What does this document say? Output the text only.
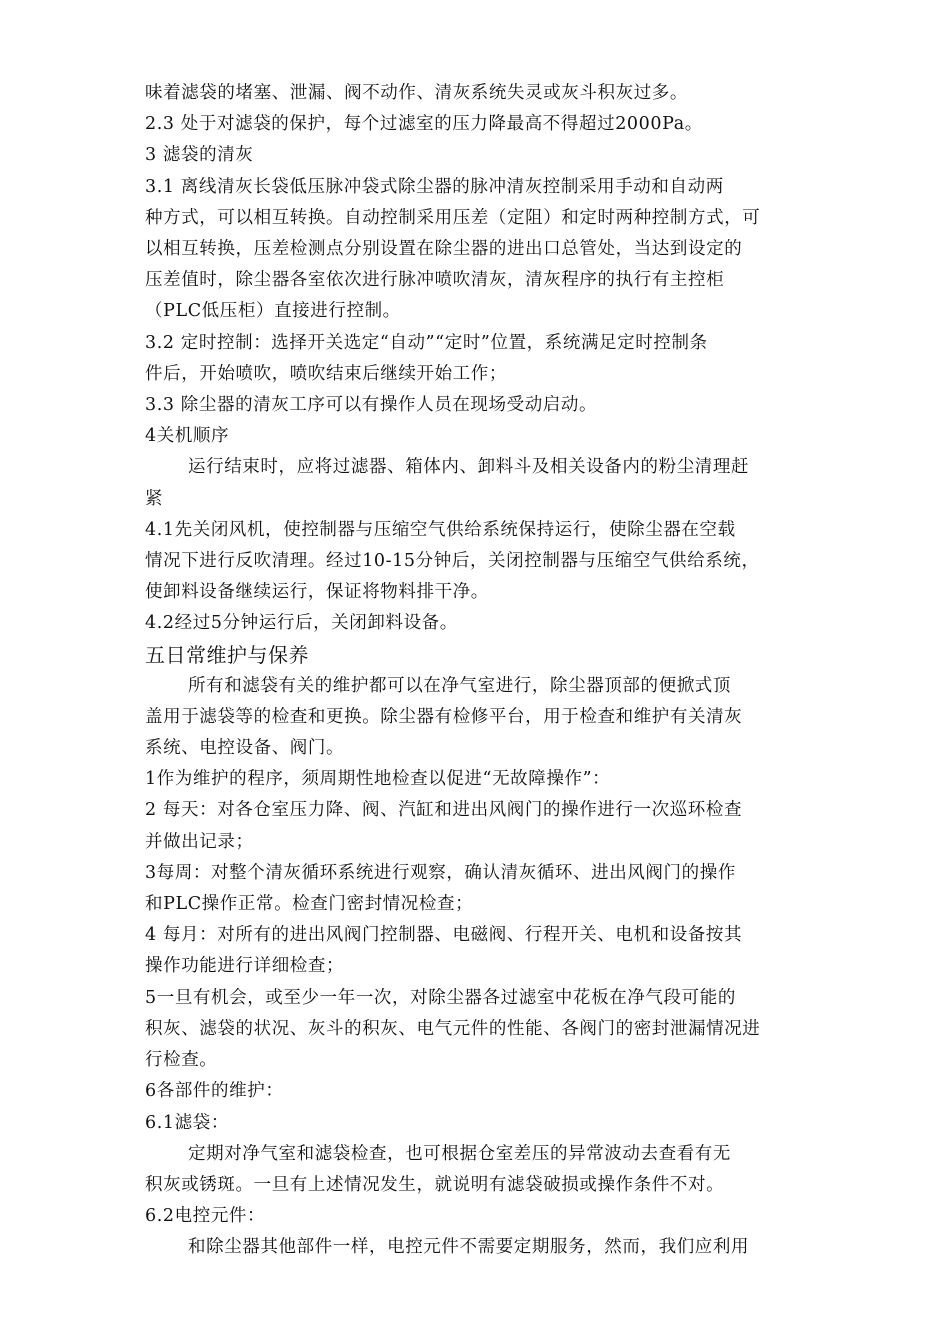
味着滤袋的堵塞、泄漏、阀不动作、清灰系统失灵或灰斗积灰过多。
2.3 处于对滤袋的保护，每个过滤室的压力降最高不得超过2000Pa。
3 滤袋的清灰
3.1 离线清灰长袋低压脉冲袋式除尘器的脉冲清灰控制采用手动和自动两
种方式，可以相互转换。自动控制采用压差（定阻）和定时两种控制方式，可
以相互转换，压差检测点分别设置在除尘器的进出口总管处，当达到设定的
压差值时，除尘器各室依次进行脉冲喷吹清灰，清灰程序的执行有主控柜
（PLC低压柜）直接进行控制。
3.2 定时控制：选择开关选定“自动”“定时”位置，系统满足定时控制条
件后，开始喷吹，喷吹结束后继续开始工作；
3.3 除尘器的清灰工序可以有操作人员在现场受动启动。
4关机顺序
运行结束时，应将过滤器、箱体内、卸料斗及相关设备内的粉尘清理赶
紧
4.1先关闭风机，使控制器与压缩空气供给系统保持运行，使除尘器在空载
情况下进行反吹清理。经过10-15分钟后，关闭控制器与压缩空气供给系统，
使卸料设备继续运行，保证将物料排干净。
4.2经过5分钟运行后，关闭卸料设备。
五日常维护与保养
所有和滤袋有关的维护都可以在净气室进行，除尘器顶部的便掀式顶
盖用于滤袋等的检查和更换。除尘器有检修平台，用于检查和维护有关清灰
系统、电控设备、阀门。
1作为维护的程序，须周期性地检查以促进“无故障操作”：
2 每天：对各仓室压力降、阀、汽缸和进出风阀门的操作进行一次巡环检查
并做出记录；
3每周：对整个清灰循环系统进行观察，确认清灰循环、进出风阀门的操作
和PLC操作正常。检查门密封情况检查；
4 每月：对所有的进出风阀门控制器、电磁阀、行程开关、电机和设备按其
操作功能进行详细检查；
5一旦有机会，或至少一年一次，对除尘器各过滤室中花板在净气段可能的
积灰、滤袋的状况、灰斗的积灰、电气元件的性能、各阀门的密封泄漏情况进
行检查。
6各部件的维护：
6.1滤袋：
定期对净气室和滤袋检查，也可根据仓室差压的异常波动去查看有无
积灰或锈斑。一旦有上述情况发生，就说明有滤袋破损或操作条件不对。
6.2电控元件：
和除尘器其他部件一样，电控元件不需要定期服务，然而，我们应利用
